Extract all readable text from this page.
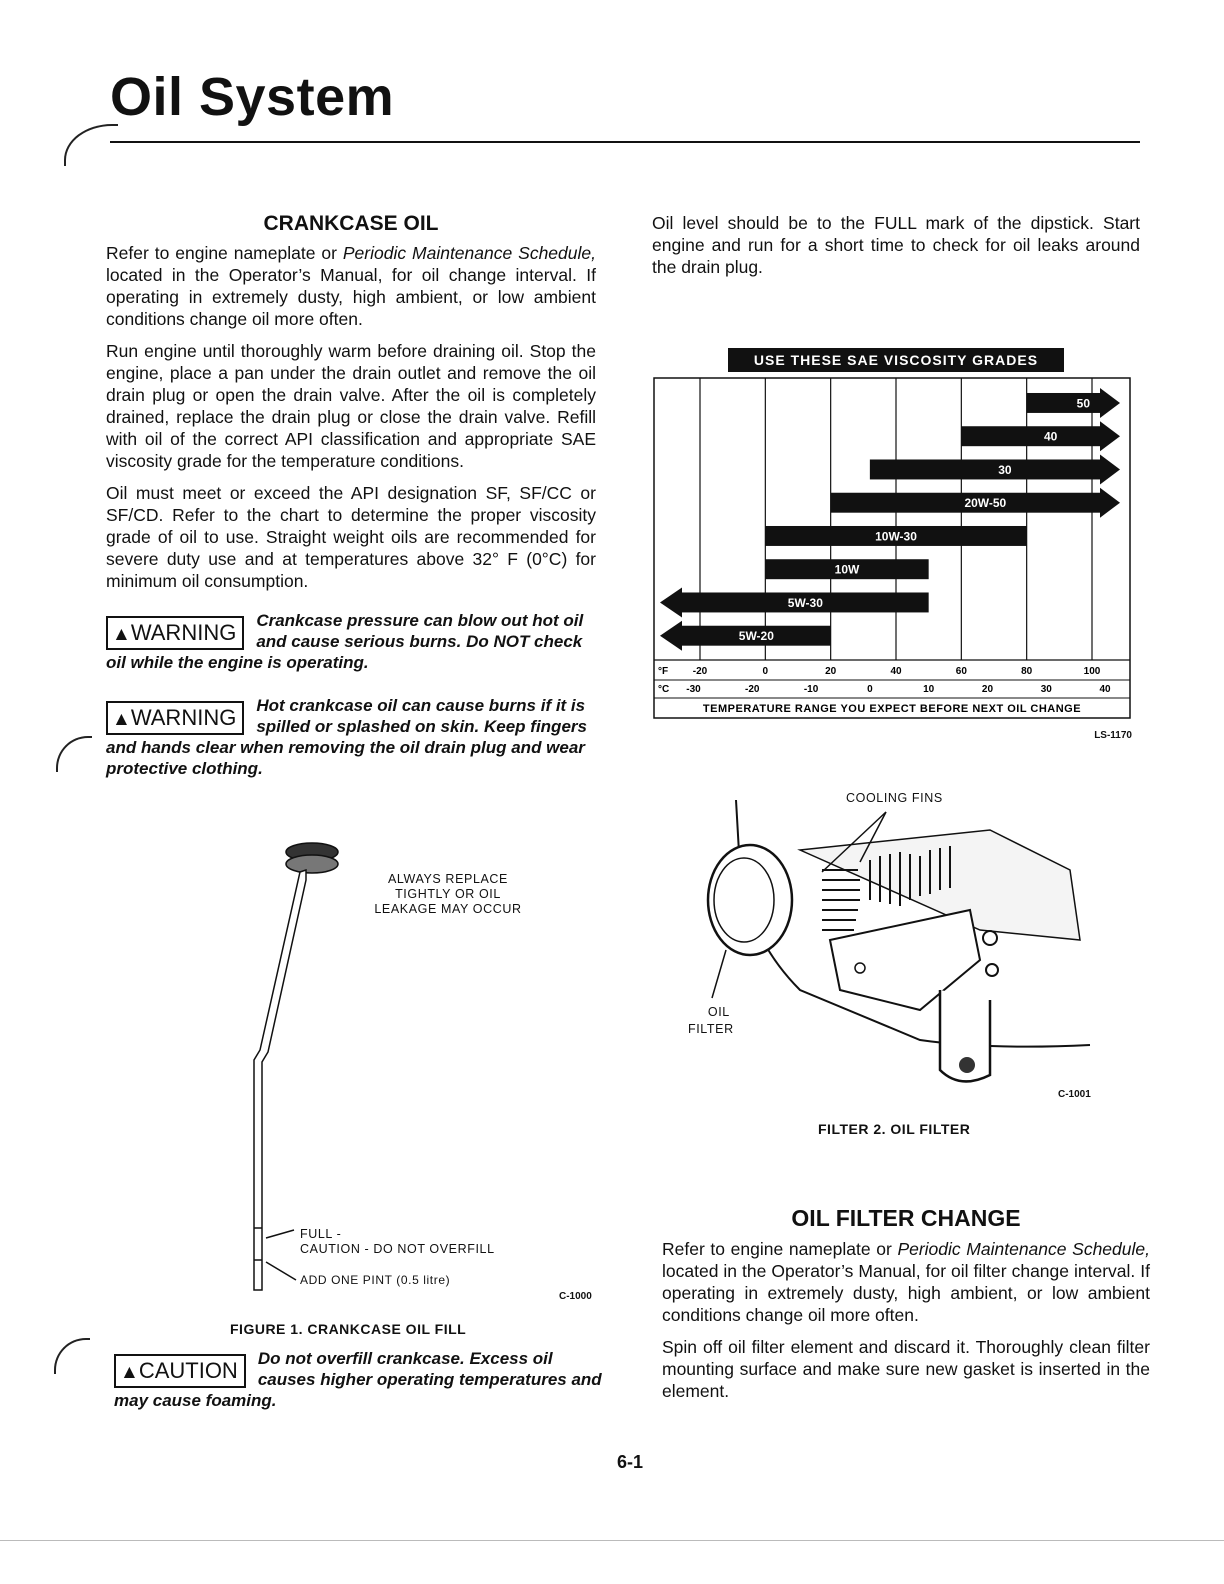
Oil System
CRANKCASE OIL

Refer to engine nameplate or Periodic Maintenance Schedule, located in the Operator’s Manual, for oil change interval. If operating in extremely dusty, high ambient, or low ambient conditions change oil more often.

Run engine until thoroughly warm before draining oil. Stop the engine, place a pan under the drain outlet and remove the oil drain plug or open the drain valve. After the oil is completely drained, replace the drain plug or close the drain valve. Refill with oil of the correct API classification and appropriate SAE viscosity grade for the temperature conditions.

Oil must meet or exceed the API designation SF, SF/CC or SF/CD. Refer to the chart to determine the proper viscosity grade of oil to use. Straight weight oils are recommended for severe duty use and at temperatures above 32° F (0°C) for minimum oil consumption.

▲WARNING	Crankcase pressure can blow out hot oil and cause serious burns. Do NOT check oil while the engine is operating.
▲WARNING	Hot crankcase oil can cause burns if it is spilled or splashed on skin. Keep fingers and hands clear when removing the oil drain plug and wear protective clothing.
ALWAYS REPLACE
TIGHTLY OR OIL
LEAKAGE MAY OCCUR
FULL -
CAUTION - DO NOT OVERFILL
ADD ONE PINT (0.5 litre)
C-1000
FIGURE 1. CRANKCASE OIL FILL
▲CAUTION	Do not overfill crankcase. Excess oil causes higher operating temperatures and may cause foaming.

Oil level should be to the FULL mark of the dipstick. Start engine and run for a short time to check for oil leaks around the drain plug.

50
40
30
20W-50
10W-30
10W
5W-30
5W-20
°F
°C
-20	0	20	40	60	80	100
-30	-20	-10	0	10	20	30	40
TEMPERATURE RANGE YOU EXPECT BEFORE NEXT OIL CHANGE
USE THESE SAE VISCOSITY GRADES
LS-1170
COOLING FINS
OIL
FILTER
C-1001
FILTER 2. OIL FILTER
OIL FILTER CHANGE

Refer to engine nameplate or Periodic Maintenance Schedule, located in the Operator’s Manual, for oil filter change interval. If operating in extremely dusty, high ambient, or low ambient conditions change oil more often.

Spin off oil filter element and discard it. Thoroughly clean filter mounting surface and make sure new gasket is inserted in the element.

6-1
